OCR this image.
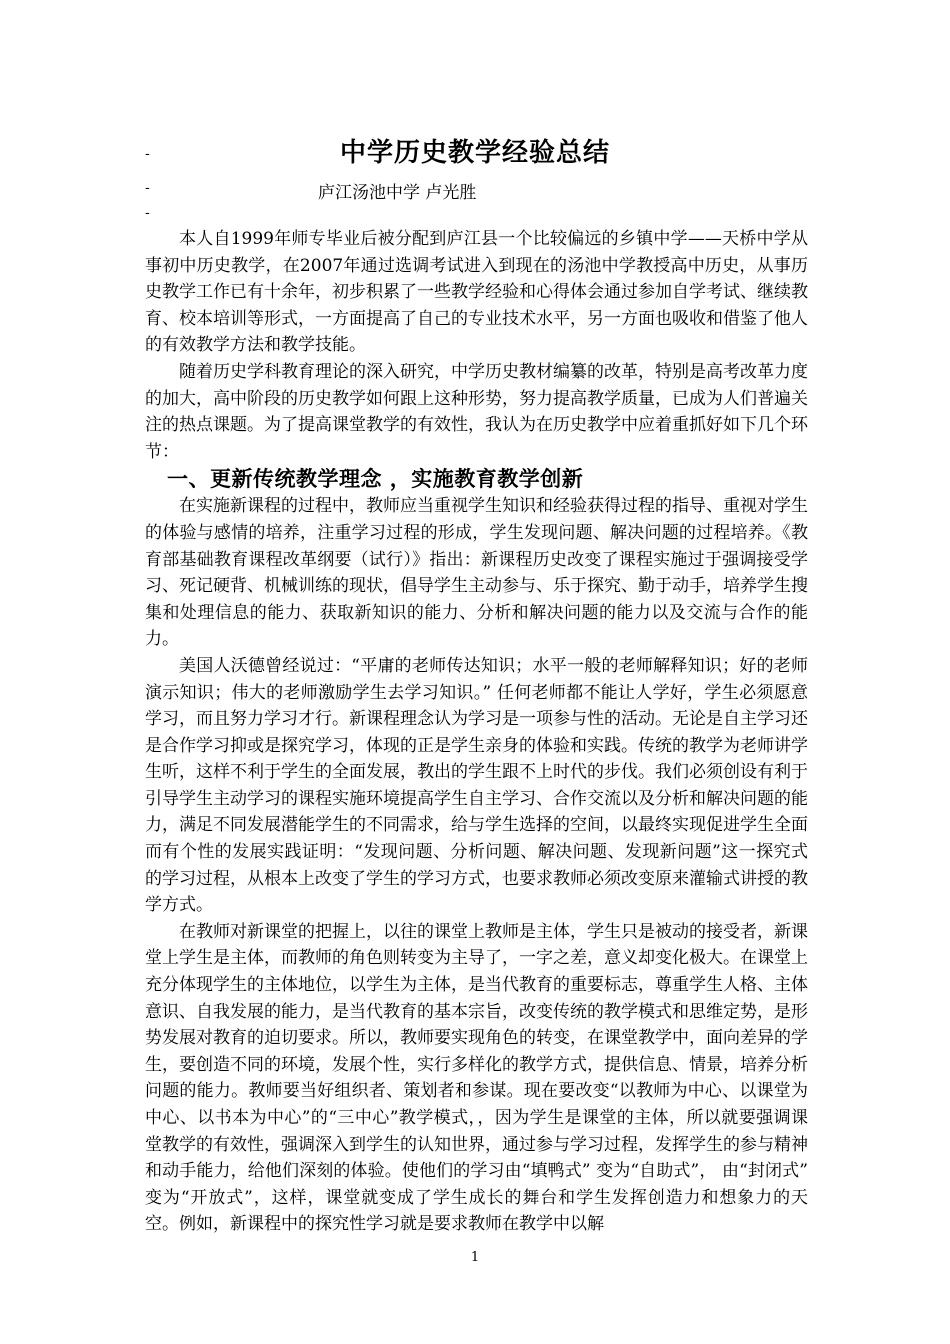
-
-
-
中学历史教学经验总结
庐江汤池中学 卢光胜

本人自1999年师专毕业后被分配到庐江县一个比较偏远的乡镇中学——天桥中学从事初中历史教学，在2007年通过选调考试进入到现在的汤池中学教授高中历史，从事历史教学工作已有十余年，初步积累了一些教学经验和心得体会通过参加自学考试、继续教育、校本培训等形式，一方面提高了自己的专业技术水平，另一方面也吸收和借鉴了他人的有效教学方法和教学技能。

随着历史学科教育理论的深入研究，中学历史教材编纂的改革，特别是高考改革力度的加大，高中阶段的历史教学如何跟上这种形势，努力提高教学质量，已成为人们普遍关注的热点课题。为了提高课堂教学的有效性，我认为在历史教学中应着重抓好如下几个环节：

一、更新传统教学理念 ，实施教育教学创新

在实施新课程的过程中，教师应当重视学生知识和经验获得过程的指导、重视对学生的体验与感情的培养，注重学习过程的形成，学生发现问题、解决问题的过程培养。《教育部基础教育课程改革纲要（试行）》指出：新课程历史改变了课程实施过于强调接受学习、死记硬背、机械训练的现状，倡导学生主动参与、乐于探究、勤于动手，培养学生搜集和处理信息的能力、获取新知识的能力、分析和解决问题的能力以及交流与合作的能力。

美国人沃德曾经说过：“平庸的老师传达知识；水平一般的老师解释知识；好的老师演示知识；伟大的老师激励学生去学习知识。” 任何老师都不能让人学好，学生必须愿意学习，而且努力学习才行。新课程理念认为学习是一项参与性的活动。无论是自主学习还是合作学习抑或是探究学习，体现的正是学生亲身的体验和实践。传统的教学为老师讲学生听，这样不利于学生的全面发展，教出的学生跟不上时代的步伐。我们必须创设有利于引导学生主动学习的课程实施环境提高学生自主学习、合作交流以及分析和解决问题的能力，满足不同发展潜能学生的不同需求，给与学生选择的空间，以最终实现促进学生全面而有个性的发展实践证明：“发现问题、分析问题、解决问题、发现新问题”这一探究式的学习过程，从根本上改变了学生的学习方式，也要求教师必须改变原来灌输式讲授的教学方式。

在教师对新课堂的把握上，以往的课堂上教师是主体，学生只是被动的接受者，新课堂上学生是主体，而教师的角色则转变为主导了，一字之差，意义却变化极大。在课堂上充分体现学生的主体地位，以学生为主体，是当代教育的重要标志，尊重学生人格、主体意识、自我发展的能力，是当代教育的基本宗旨，改变传统的教学模式和思维定势，是形势发展对教育的迫切要求。所以，教师要实现角色的转变，在课堂教学中，面向差异的学生，要创造不同的环境，发展个性，实行多样化的教学方式，提供信息、情景，培养分析问题的能力。教师要当好组织者、策划者和参谋。现在要改变“以教师为中心、以课堂为中心、以书本为中心”的“三中心”教学模式，，因为学生是课堂的主体，所以就要强调课堂教学的有效性，强调深入到学生的认知世界，通过参与学习过程，发挥学生的参与精神和动手能力，给他们深刻的体验。使他们的学习由“填鸭式” 变为“自助式”， 由“封闭式” 变为“开放式”，这样，课堂就变成了学生成长的舞台和学生发挥创造力和想象力的天空。例如，新课程中的探究性学习就是要求教师在教学中以解

1
